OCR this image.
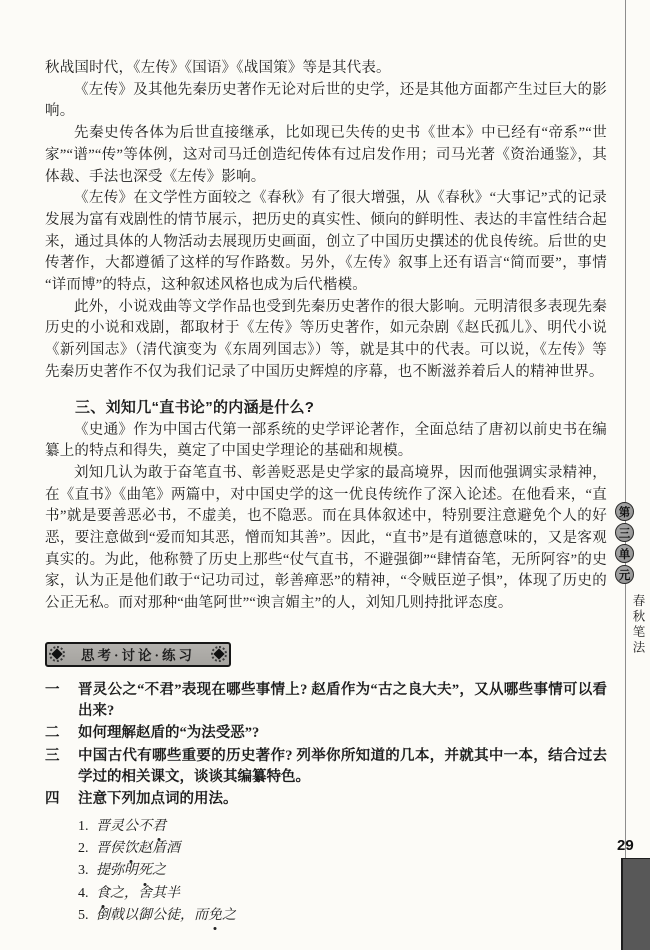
秋战国时代，《左传》《国语》《战国策》等是其代表。

《左传》及其他先秦历史著作无论对后世的史学，还是其他方面都产生过巨大的影响。

先秦史传各体为后世直接继承，比如现已失传的史书《世本》中已经有“帝系”“世家”“谱”“传”等体例，这对司马迁创造纪传体有过启发作用；司马光著《资治通鉴》，其体裁、手法也深受《左传》影响。

《左传》在文学性方面较之《春秋》有了很大增强，从《春秋》“大事记”式的记录发展为富有戏剧性的情节展示，把历史的真实性、倾向的鲜明性、表达的丰富性结合起来，通过具体的人物活动去展现历史画面，创立了中国历史撰述的优良传统。后世的史传著作，大都遵循了这样的写作路数。另外，《左传》叙事上还有语言“简而要”，事情“详而博”的特点，这种叙述风格也成为后代楷模。

此外，小说戏曲等文学作品也受到先秦历史著作的很大影响。元明清很多表现先秦历史的小说和戏剧，都取材于《左传》等历史著作，如元杂剧《赵氏孤儿》、明代小说《新列国志》（清代演变为《东周列国志》）等，就是其中的代表。可以说，《左传》等先秦历史著作不仅为我们记录了中国历史辉煌的序幕，也不断滋养着后人的精神世界。

三、刘知几“直书论”的内涵是什么?

《史通》作为中国古代第一部系统的史学评论著作，全面总结了唐初以前史书在编纂上的特点和得失，奠定了中国史学理论的基础和规模。

刘知几认为敢于奋笔直书、彰善贬恶是史学家的最高境界，因而他强调实录精神，在《直书》《曲笔》两篇中，对中国史学的这一优良传统作了深入论述。在他看来，“直书”就是要善恶必书，不虚美，也不隐恶。而在具体叙述中，特别要注意避免个人的好恶，要注意做到“爱而知其恶，憎而知其善”。因此，“直书”是有道德意味的，又是客观真实的。为此，他称赞了历史上那些“仗气直书，不避强御”“肆情奋笔，无所阿容”的史家，认为正是他们敢于“记功司过，彰善瘅恶”的精神，“令贼臣逆子惧”，体现了历史的公正无私。而对那种“曲笔阿世”“谀言媚主”的人，刘知几则持批评态度。

思考·讨论·练习
一	晋灵公之“不君”表现在哪些事情上? 赵盾作为“古之良大夫”，又从哪些事情可以看出来?
二	如何理解赵盾的“为法受恶”?
三	中国古代有哪些重要的历史著作? 列举你所知道的几本，并就其中一本，结合过去学过的相关课文，谈谈其编纂特色。
四	注意下列加点词的用法。
1. 晋灵公不君
2. 晋侯饮赵盾酒
3. 提弥明死之
4. 食之，舍其半
5. 倒戟以御公徒，而免之
第
三
单
元
春秋笔法
29
